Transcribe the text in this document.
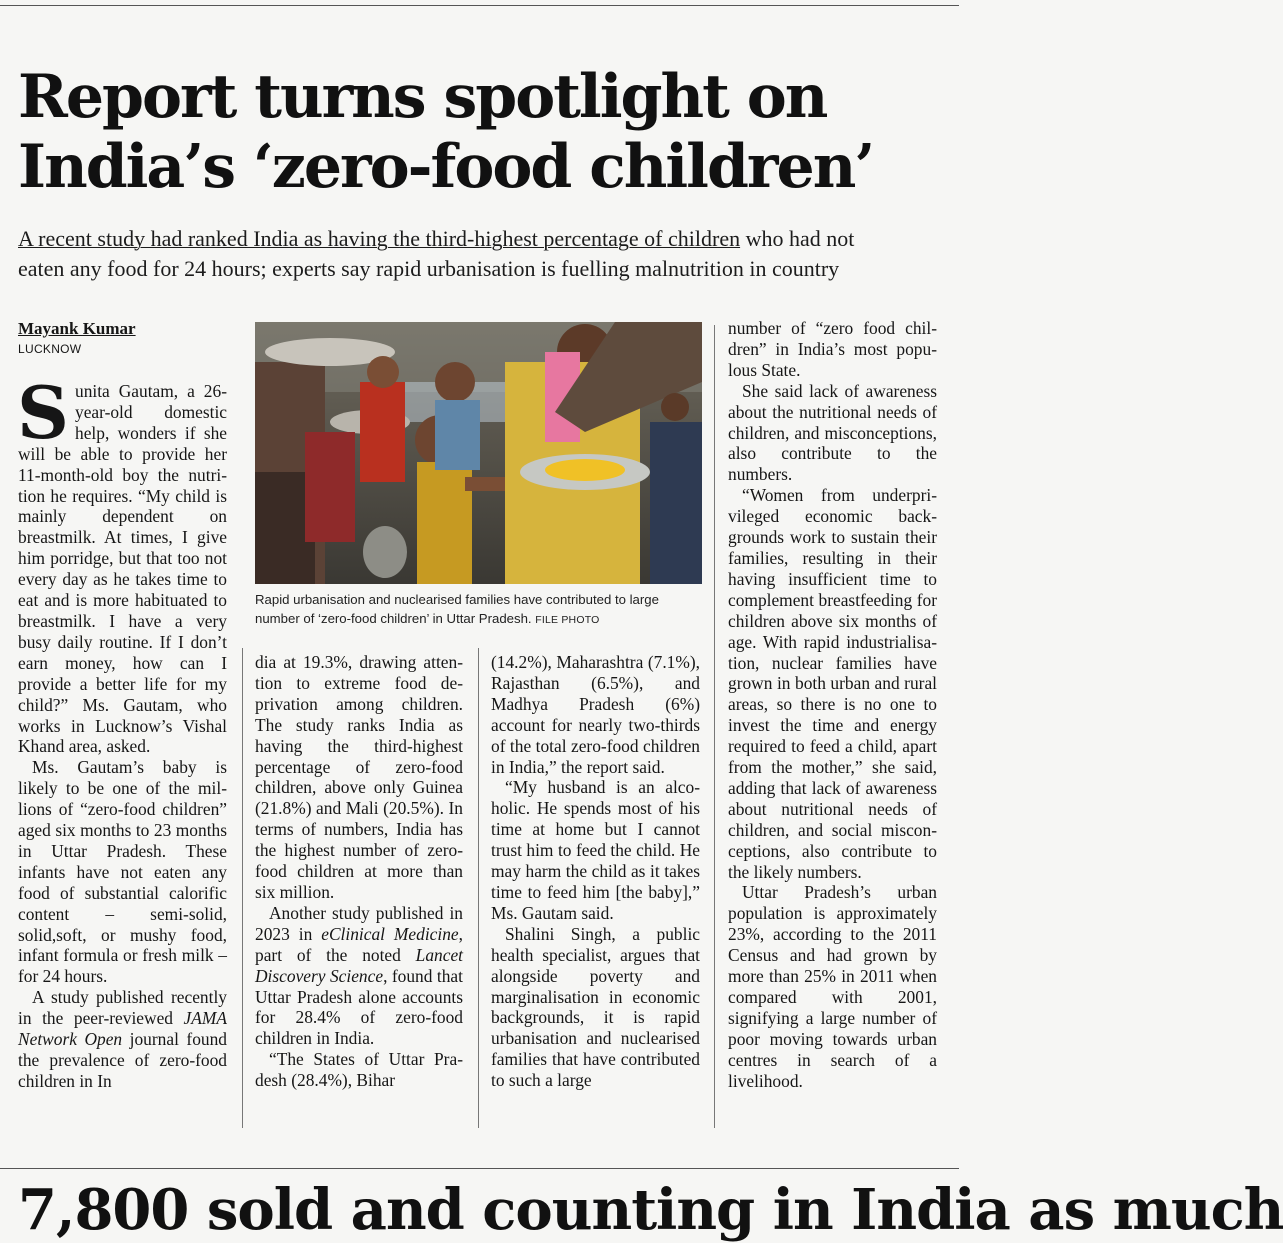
Report turns spotlight on
India’s ‘zero-food children’
A recent study had ranked India as having the third-highest percentage of children who had not
eaten any food for 24 hours; experts say rapid urbanisation is fuelling malnutrition in country
Mayank Kumar
LUCKNOW

Sunita Gautam, a 26-year-old domestic help, wonders if she will be able to provide her 11-month-old boy the nutrition he requires. “My child is mainly dependent on breastmilk. At times, I give him porridge, but that too not every day as he takes time to eat and is more habituated to breastmilk. I have a very busy daily routine. If I don’t earn money, how can I provide a better life for my child?” Ms. Gautam, who works in Lucknow’s Vishal Khand area, asked.

Ms. Gautam’s baby is likely to be one of the millions of “zero-food children” aged six months to 23 months in Uttar Pradesh. These infants have not eaten any food of substantial calorific content – semi-solid, solid,soft, or mushy food, infant formula or fresh milk – for 24 hours.

A study published recently in the peer-reviewed JAMA Network Open journal found the prevalence of zero-food children in In

Rapid urbanisation and nuclearised families have contributed to large number of ‘zero-food children’ in Uttar Pradesh. FILE PHOTO

dia at 19.3%, drawing attention to extreme food deprivation among children. The study ranks India as having the third-highest percentage of zero-food children, above only Guinea (21.8%) and Mali (20.5%). In terms of numbers, India has the highest number of zero-food children at more than six million.

Another study published in 2023 in eClinical Medicine, part of the noted Lancet Discovery Science, found that Uttar Pradesh alone accounts for 28.4% of zero-food children in India.

“The States of Uttar Pradesh (28.4%), Bihar

(14.2%), Maharashtra (7.1%), Rajasthan (6.5%), and Madhya Pradesh (6%) account for nearly two-thirds of the total zero-food children in India,” the report said.

“My husband is an alcoholic. He spends most of his time at home but I cannot trust him to feed the child. He may harm the child as it takes time to feed him [the baby],” Ms. Gautam said.

Shalini Singh, a public health specialist, argues that alongside poverty and marginalisation in economic backgrounds, it is rapid urbanisation and nuclearised families that have contributed to such a large

number of “zero food children” in India’s most populous State.

She said lack of awareness about the nutritional needs of children, and misconceptions, also contribute to the numbers.

“Women from underprivileged economic backgrounds work to sustain their families, resulting in their having insufficient time to complement breastfeeding for children above six months of age. With rapid industrialisation, nuclear families have grown in both urban and rural areas, so there is no one to invest the time and energy required to feed a child, apart from the mother,” she said, adding that lack of awareness about nutritional needs of children, and social misconceptions, also contribute to the likely numbers.

Uttar Pradesh’s urban population is approximately 23%, according to the 2011 Census and had grown by more than 25% in 2011 when compared with 2001, signifying a large number of poor moving towards urban centres in search of a livelihood.

7,800 sold and counting in India as much
